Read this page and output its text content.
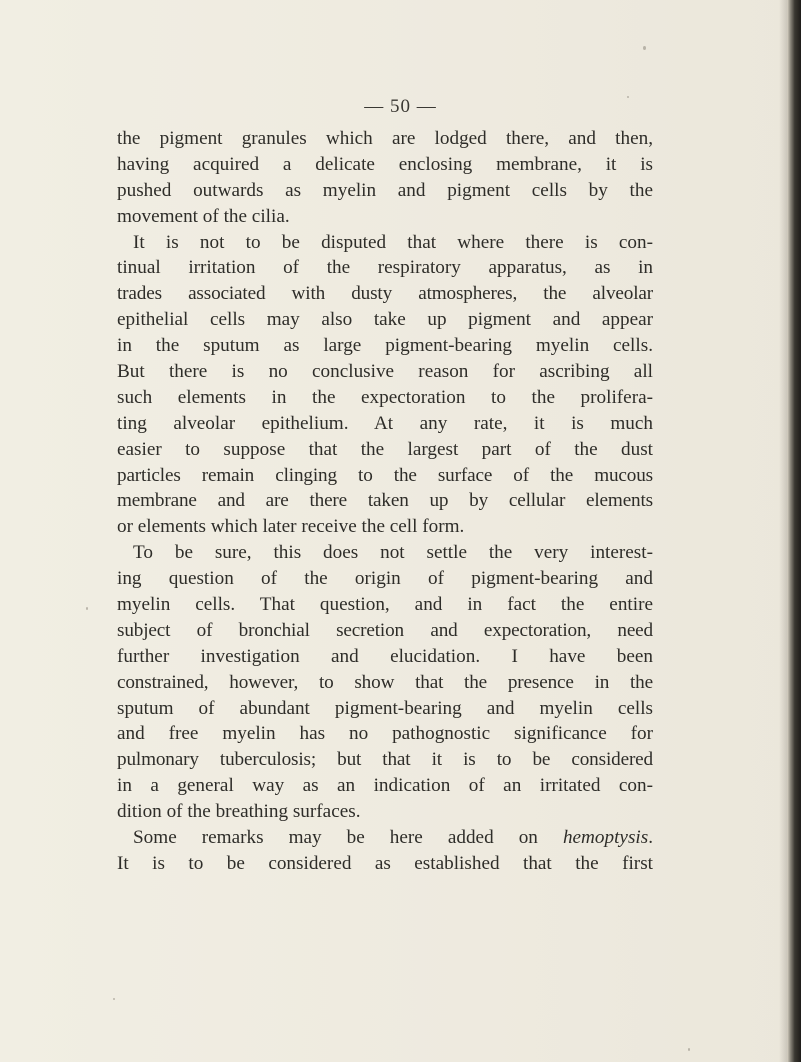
— 50 —
the pigment granules which are lodged there, and then,
having acquired a delicate enclosing membrane, it is
pushed outwards as myelin and pigment cells by the
movement of the cilia.
It is not to be disputed that where there is con-
tinual irritation of the respiratory apparatus, as in
trades associated with dusty atmospheres, the alveolar
epithelial cells may also take up pigment and appear
in the sputum as large pigment-bearing myelin cells.
But there is no conclusive reason for ascribing all
such elements in the expectoration to the prolifera-
ting alveolar epithelium. At any rate, it is much
easier to suppose that the largest part of the dust
particles remain clinging to the surface of the mucous
membrane and are there taken up by cellular elements
or elements which later receive the cell form.
To be sure, this does not settle the very interest-
ing question of the origin of pigment-bearing and
myelin cells. That question, and in fact the entire
subject of bronchial secretion and expectoration, need
further investigation and elucidation. I have been
constrained, however, to show that the presence in the
sputum of abundant pigment-bearing and myelin cells
and free myelin has no pathognostic significance for
pulmonary tuberculosis; but that it is to be considered
in a general way as an indication of an irritated con-
dition of the breathing surfaces.
Some remarks may be here added on hemoptysis.
It is to be considered as established that the first
